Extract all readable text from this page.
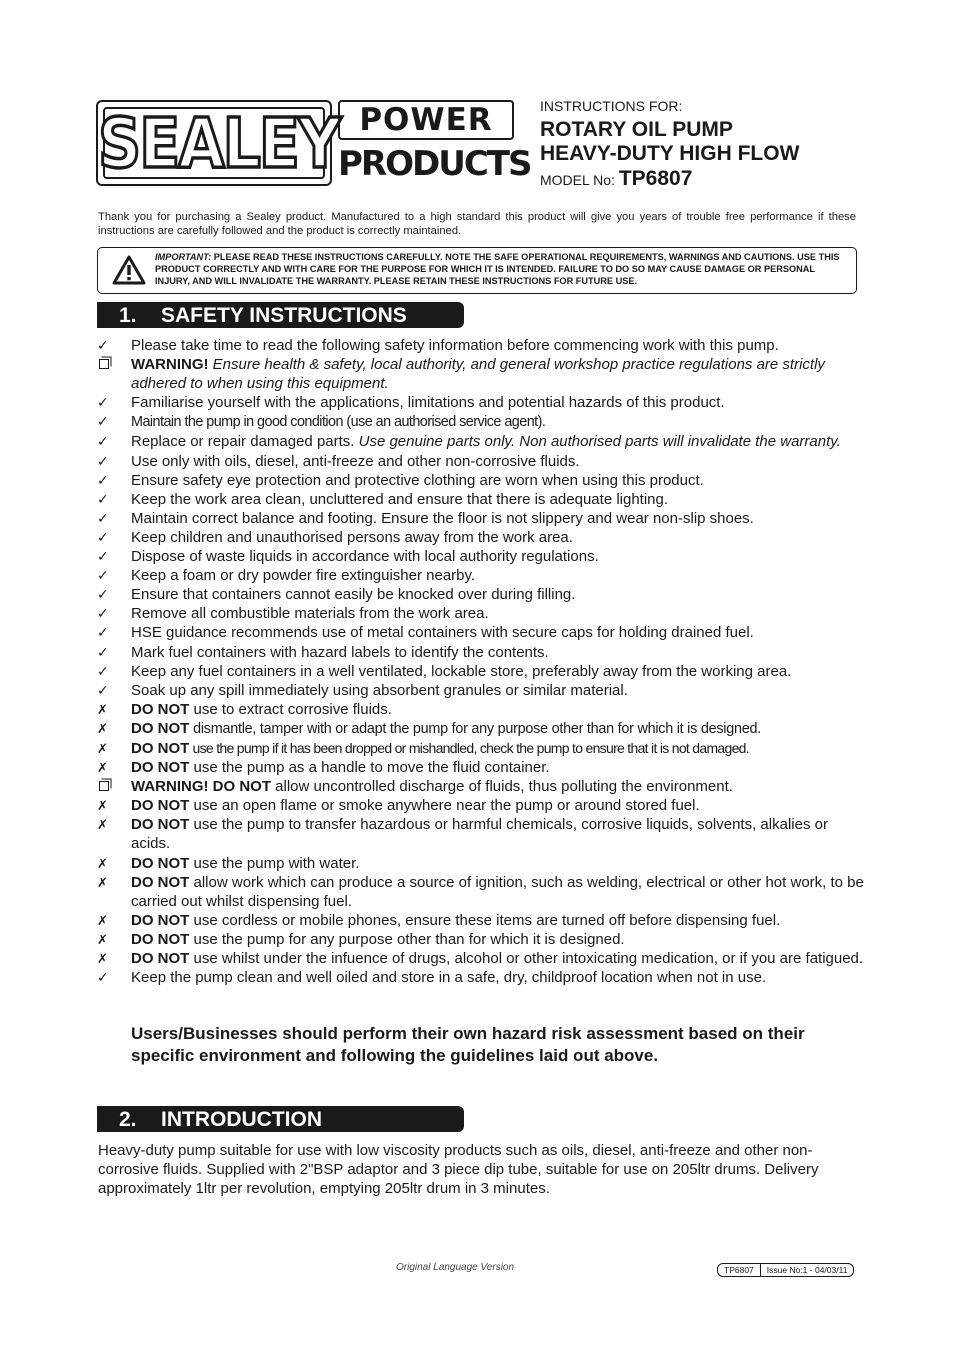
SEALEY POWER
PRODUCTS

INSTRUCTIONS FOR:

ROTARY OIL PUMP

HEAVY-DUTY HIGH FLOW

MODEL No: TP6807
Thank you for purchasing a Sealey product. Manufactured to a high standard this product will give you years of trouble free performance if these instructions are carefully followed and the product is correctly maintained.
IMPORTANT: PLEASE READ THESE INSTRUCTIONS CAREFULLY. NOTE THE SAFE OPERATIONAL REQUIREMENTS, WARNINGS AND CAUTIONS. USE THIS PRODUCT CORRECTLY AND WITH CARE FOR THE PURPOSE FOR WHICH IT IS INTENDED. FAILURE TO DO SO MAY CAUSE DAMAGE OR PERSONAL INJURY, AND WILL INVALIDATE THE WARRANTY. PLEASE RETAIN THESE INSTRUCTIONS FOR FUTURE USE.
1. SAFETY INSTRUCTIONS
✓
Please take time to read the following safety information before commencing work with this pump.
WARNING! Ensure health & safety, local authority, and general workshop practice regulations are strictly adhered to when using this equipment.
✓
Familiarise yourself with the applications, limitations and potential hazards of this product.
✓
Maintain the pump in good condition (use an authorised service agent).
✓
Replace or repair damaged parts. Use genuine parts only. Non authorised parts will invalidate the warranty.
✓
Use only with oils, diesel, anti-freeze and other non-corrosive fluids.
✓
Ensure safety eye protection and protective clothing are worn when using this product.
✓
Keep the work area clean, uncluttered and ensure that there is adequate lighting.
✓
Maintain correct balance and footing. Ensure the floor is not slippery and wear non-slip shoes.
✓
Keep children and unauthorised persons away from the work area.
✓
Dispose of waste liquids in accordance with local authority regulations.
✓
Keep a foam or dry powder fire extinguisher nearby.
✓
Ensure that containers cannot easily be knocked over during filling.
✓
Remove all combustible materials from the work area.
✓
HSE guidance recommends use of metal containers with secure caps for holding drained fuel.
✓
Mark fuel containers with hazard labels to identify the contents.
✓
Keep any fuel containers in a well ventilated, lockable store, preferably away from the working area.
✓
Soak up any spill immediately using absorbent granules or similar material.
✗
DO NOT use to extract corrosive fluids.
✗
DO NOT dismantle, tamper with or adapt the pump for any purpose other than for which it is designed.
✗
DO NOT use the pump if it has been dropped or mishandled, check the pump to ensure that it is not damaged.
✗
DO NOT use the pump as a handle to move the fluid container.
WARNING! DO NOT allow uncontrolled discharge of fluids, thus polluting the environment.
✗
DO NOT use an open flame or smoke anywhere near the pump or around stored fuel.
✗
DO NOT use the pump to transfer hazardous or harmful chemicals, corrosive liquids, solvents, alkalies or acids.
✗
DO NOT use the pump with water.
✗
DO NOT allow work which can produce a source of ignition, such as welding, electrical or other hot work, to be carried out whilst dispensing fuel.
✗
DO NOT use cordless or mobile phones, ensure these items are turned off before dispensing fuel.
✗
DO NOT use the pump for any purpose other than for which it is designed.
✗
DO NOT use whilst under the infuence of drugs, alcohol or other intoxicating medication, or if you are fatigued.
✓
Keep the pump clean and well oiled and store in a safe, dry, childproof location when not in use.
Users/Businesses should perform their own hazard risk assessment based on their specific environment and following the guidelines laid out above.
2. INTRODUCTION
Heavy-duty pump suitable for use with low viscosity products such as oils, diesel, anti-freeze and other non-corrosive fluids. Supplied with 2"BSP adaptor and 3 piece dip tube, suitable for use on 205ltr drums. Delivery approximately 1ltr per revolution, emptying 205ltr drum in 3 minutes.
Original Language Version	TP6807	Issue No:1 - 04/03/11
